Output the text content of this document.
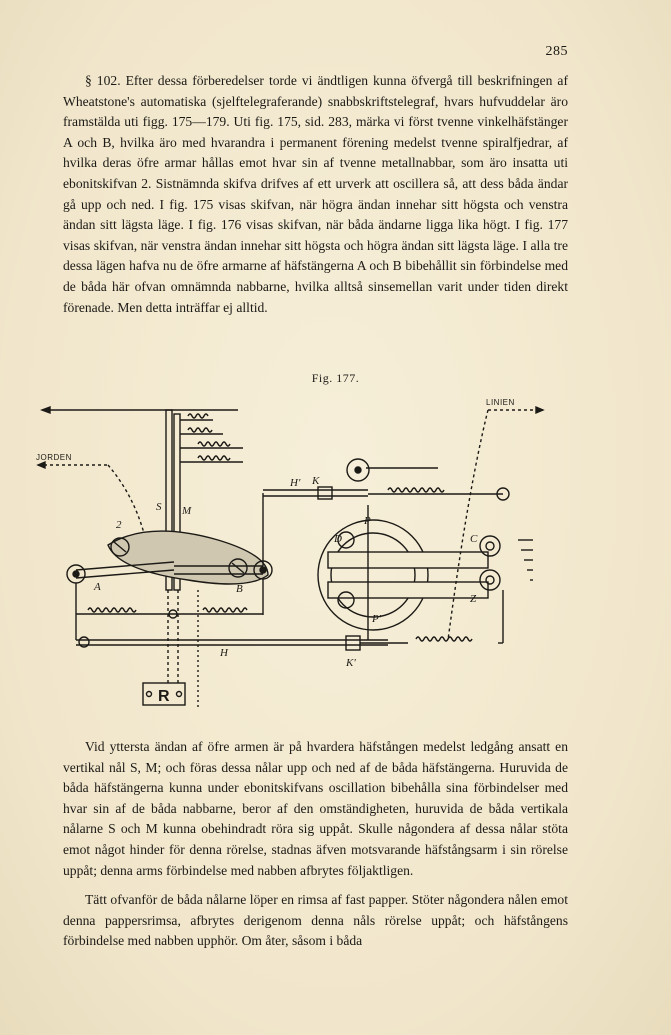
285

§ 102. Efter dessa förberedelser torde vi ändtligen kunna öfvergå till beskrifningen af Wheatstone's automatiska (sjelftelegraferande) snabbskriftstelegraf, hvars hufvuddelar äro framstälda uti figg. 175—179. Uti fig. 175, sid. 283, märka vi först tvenne vinkelhäfstänger A och B, hvilka äro med hvarandra i permanent förening medelst tvenne spiralfjedrar, af hvilka deras öfre armar hållas emot hvar sin af tvenne metallnabbar, som äro insatta uti ebonitskifvan 2. Sistnämnda skifva drifves af ett urverk att oscillera så, att dess båda ändar gå upp och ned. I fig. 175 visas skifvan, när högra ändan innehar sitt högsta och venstra ändan sitt lägsta läge. I fig. 176 visas skifvan, när båda ändarne ligga lika högt. I fig. 177 visas skifvan, när venstra ändan innehar sitt högsta och högra ändan sitt lägsta läge. I alla tre dessa lägen hafva nu de öfre armarne af häfstängerna A och B bibehållit sin förbindelse med de båda här ofvan omnämnda nabbarne, hvilka alltså sinsemellan varit under tiden direkt förenade. Men detta inträffar ej alltid.

Fig. 177.
JORDEN
LINIEN
S M
A	B
C
D
P
P'
H
H' K
K'
Z
2
R

Vid yttersta ändan af öfre armen är på hvardera häfstången medelst ledgång ansatt en vertikal nål S, M; och föras dessa nålar upp och ned af de båda häfstängerna. Huruvida de båda häfstängerna kunna under ebonitskifvans oscillation bibehålla sina förbindelser med hvar sin af de båda nabbarne, beror af den omständigheten, huruvida de båda vertikala nålarne S och M kunna obehindradt röra sig uppåt. Skulle någondera af dessa nålar stöta emot något hinder för denna rörelse, stadnas äfven motsvarande häfstångsarm i sin rörelse uppåt; denna arms förbindelse med nabben afbrytes följaktligen.

Tätt ofvanför de båda nålarne löper en rimsa af fast papper. Stöter någondera nålen emot denna pappersrimsa, afbrytes derigenom denna nåls rörelse uppåt; och häfstångens förbindelse med nabben upphör. Om åter, såsom i båda
